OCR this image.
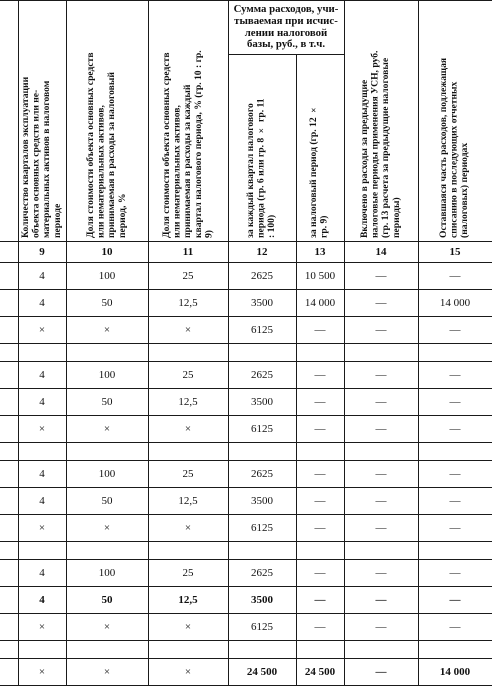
	Количество кварталов эксплуатации объекта основных средств или нематериальных активов в налоговом периоде	Доля стоимости объекта основных средств или нематериальных активов, принимаемая в расходы за налоговый период, %	Доля стоимости объекта основных средств или нематериальных активов, принимаемая в расходы за каждый квартал налогового периода, % (гр. 10 : гр. 9)	Сумма расходов, учитываемая при исчислении налоговой базы, руб., в т.ч.		Включено в расходы за предыдущие налоговые периоды применения УСН, руб. (гр. 13 расчета за предыдущие налоговые периоды)	Оставшаяся часть расходов, подлежащая списанию в последующих отчетных (налоговых) периодах
				за каждый квартал налогового периода (гр. 6 или гр. 8 × гр. 11 : 100)	за налоговый период (гр. 12 × гр. 9)		
	9	10	11	12	13	14	15
	4	100	25	2625	10 500	—	—
	4	50	12,5	3500	14 000	—	14 000
	×	×	×	6125	—	—	—

	4	100	25	2625	—	—	—
	4	50	12,5	3500	—	—	—
	×	×	×	6125	—	—	—

	4	100	25	2625	—	—	—
	4	50	12,5	3500	—	—	—
	×	×	×	6125	—	—	—

	4	100	25	2625	—	—	—
	4	50	12,5	3500	—	—	—
	×	×	×	6125	—	—	—

	×	×	×	24 500	24 500	—	14 000
